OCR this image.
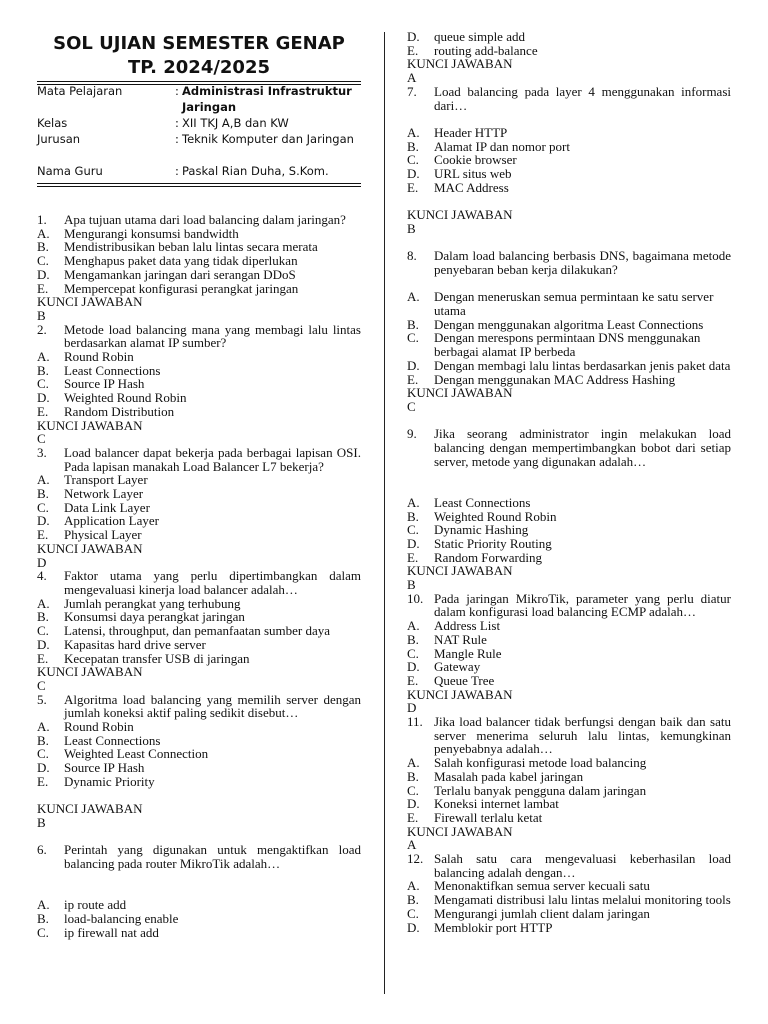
SOL UJIAN SEMESTER GENAP
TP. 2024/2025
Mata Pelajaran	: Administrasi Infrastruktur Jaringan
Kelas	: XII TKJ A,B dan KW
Jurusan	: Teknik Komputer dan Jaringan
Nama Guru	: Paskal Rian Duha, S.Kom.
1. Apa tujuan utama dari load balancing dalam jaringan?
A. Mengurangi konsumsi bandwidth
B. Mendistribusikan beban lalu lintas secara merata
C. Menghapus paket data yang tidak diperlukan
D. Mengamankan jaringan dari serangan DDoS
E. Mempercepat konfigurasi perangkat jaringan
KUNCI JAWABAN
B
2. Metode load balancing mana yang membagi lalu lintas berdasarkan alamat IP sumber?
A. Round Robin
B. Least Connections
C. Source IP Hash
D. Weighted Round Robin
E. Random Distribution
KUNCI JAWABAN
C
3. Load balancer dapat bekerja pada berbagai lapisan OSI. Pada lapisan manakah Load Balancer L7 bekerja?
A. Transport Layer
B. Network Layer
C. Data Link Layer
D. Application Layer
E. Physical Layer
KUNCI JAWABAN
D
4. Faktor utama yang perlu dipertimbangkan dalam mengevaluasi kinerja load balancer adalah…
A. Jumlah perangkat yang terhubung
B. Konsumsi daya perangkat jaringan
C. Latensi, throughput, dan pemanfaatan sumber daya
D. Kapasitas hard drive server
E. Kecepatan transfer USB di jaringan
KUNCI JAWABAN
C
5. Algoritma load balancing yang memilih server dengan jumlah koneksi aktif paling sedikit disebut…
A. Round Robin
B. Least Connections
C. Weighted Least Connection
D. Source IP Hash
E. Dynamic Priority
KUNCI JAWABAN
B
6. Perintah yang digunakan untuk mengaktifkan load balancing pada router MikroTik adalah…
A. ip route add
B. load-balancing enable
C. ip firewall nat add
D. queue simple add
E. routing add-balance
KUNCI JAWABAN
A
7. Load balancing pada layer 4 menggunakan informasi dari…
A. Header HTTP
B. Alamat IP dan nomor port
C. Cookie browser
D. URL situs web
E. MAC Address
KUNCI JAWABAN
B
8. Dalam load balancing berbasis DNS, bagaimana metode penyebaran beban kerja dilakukan?
A. Dengan meneruskan semua permintaan ke satu server utama
B. Dengan menggunakan algoritma Least Connections
C. Dengan merespons permintaan DNS menggunakan berbagai alamat IP berbeda
D. Dengan membagi lalu lintas berdasarkan jenis paket data
E. Dengan menggunakan MAC Address Hashing
KUNCI JAWABAN
C
9. Jika seorang administrator ingin melakukan load balancing dengan mempertimbangkan bobot dari setiap server, metode yang digunakan adalah…
A. Least Connections
B. Weighted Round Robin
C. Dynamic Hashing
D. Static Priority Routing
E. Random Forwarding
KUNCI JAWABAN
B
10. Pada jaringan MikroTik, parameter yang perlu diatur dalam konfigurasi load balancing ECMP adalah…
A. Address List
B. NAT Rule
C. Mangle Rule
D. Gateway
E. Queue Tree
KUNCI JAWABAN
D
11. Jika load balancer tidak berfungsi dengan baik dan satu server menerima seluruh lalu lintas, kemungkinan penyebabnya adalah…
A. Salah konfigurasi metode load balancing
B. Masalah pada kabel jaringan
C. Terlalu banyak pengguna dalam jaringan
D. Koneksi internet lambat
E. Firewall terlalu ketat
KUNCI JAWABAN
A
12. Salah satu cara mengevaluasi keberhasilan load balancing adalah dengan…
A. Menonaktifkan semua server kecuali satu
B. Mengamati distribusi lalu lintas melalui monitoring tools
C. Mengurangi jumlah client dalam jaringan
D. Memblokir port HTTP
